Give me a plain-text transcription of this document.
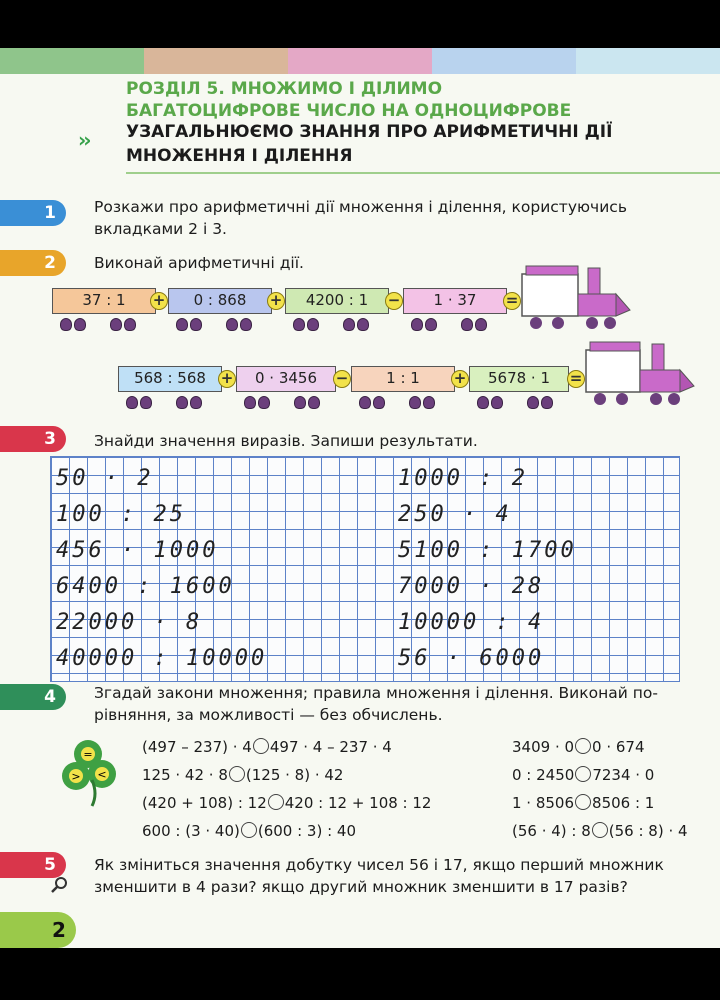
РОЗДІЛ 5. МНОЖИМО І ДІЛИМО
БАГАТОЦИФРОВЕ ЧИСЛО НА ОДНОЦИФРОВЕ
›› УЗАГАЛЬНЮЄМО ЗНАННЯ ПРО АРИФМЕТИЧНІ ДІЇ
МНОЖЕННЯ І ДІЛЕННЯ
1	Розкажи про арифметичні дії множення і ділення, користуючись
вкладками 2 і 3.
2	Виконай арифметичні дії.
37 : 1	+	0 : 868	+	4200 : 1	−	1 · 37	=
568 : 568 +	0 · 3456	−	1 : 1	+	5678 · 1	=
3	Знайди значення виразів. Запиши результати.
50 · 2
100 : 25
456 · 1000
6400 : 1600
22000 · 8
40000 : 10000
1000 : 2
250 · 4
5100 : 1700
7000 · 28
10000 : 4
56 · 6000
4	Згадай закони множення; правила множення і ділення. Виконай по-
рівняння, за можливості — без обчислень.
=
> <
(497 – 237) · 4 497 · 4 – 237 · 4
125 · 42 · 8 (125 · 8) · 42
(420 + 108) : 12 420 : 12 + 108 : 12
600 : (3 · 40) (600 : 3) : 40
3409 · 0 0 · 674
0 : 2450 7234 · 0
1 · 8506 8506 : 1
(56 · 4) : 8 (56 : 8) · 4
5	Як зміниться значення добутку чисел 56 і 17, якщо перший множник
зменшити в 4 рази? якщо другий множник зменшити в 17 разів?
2
